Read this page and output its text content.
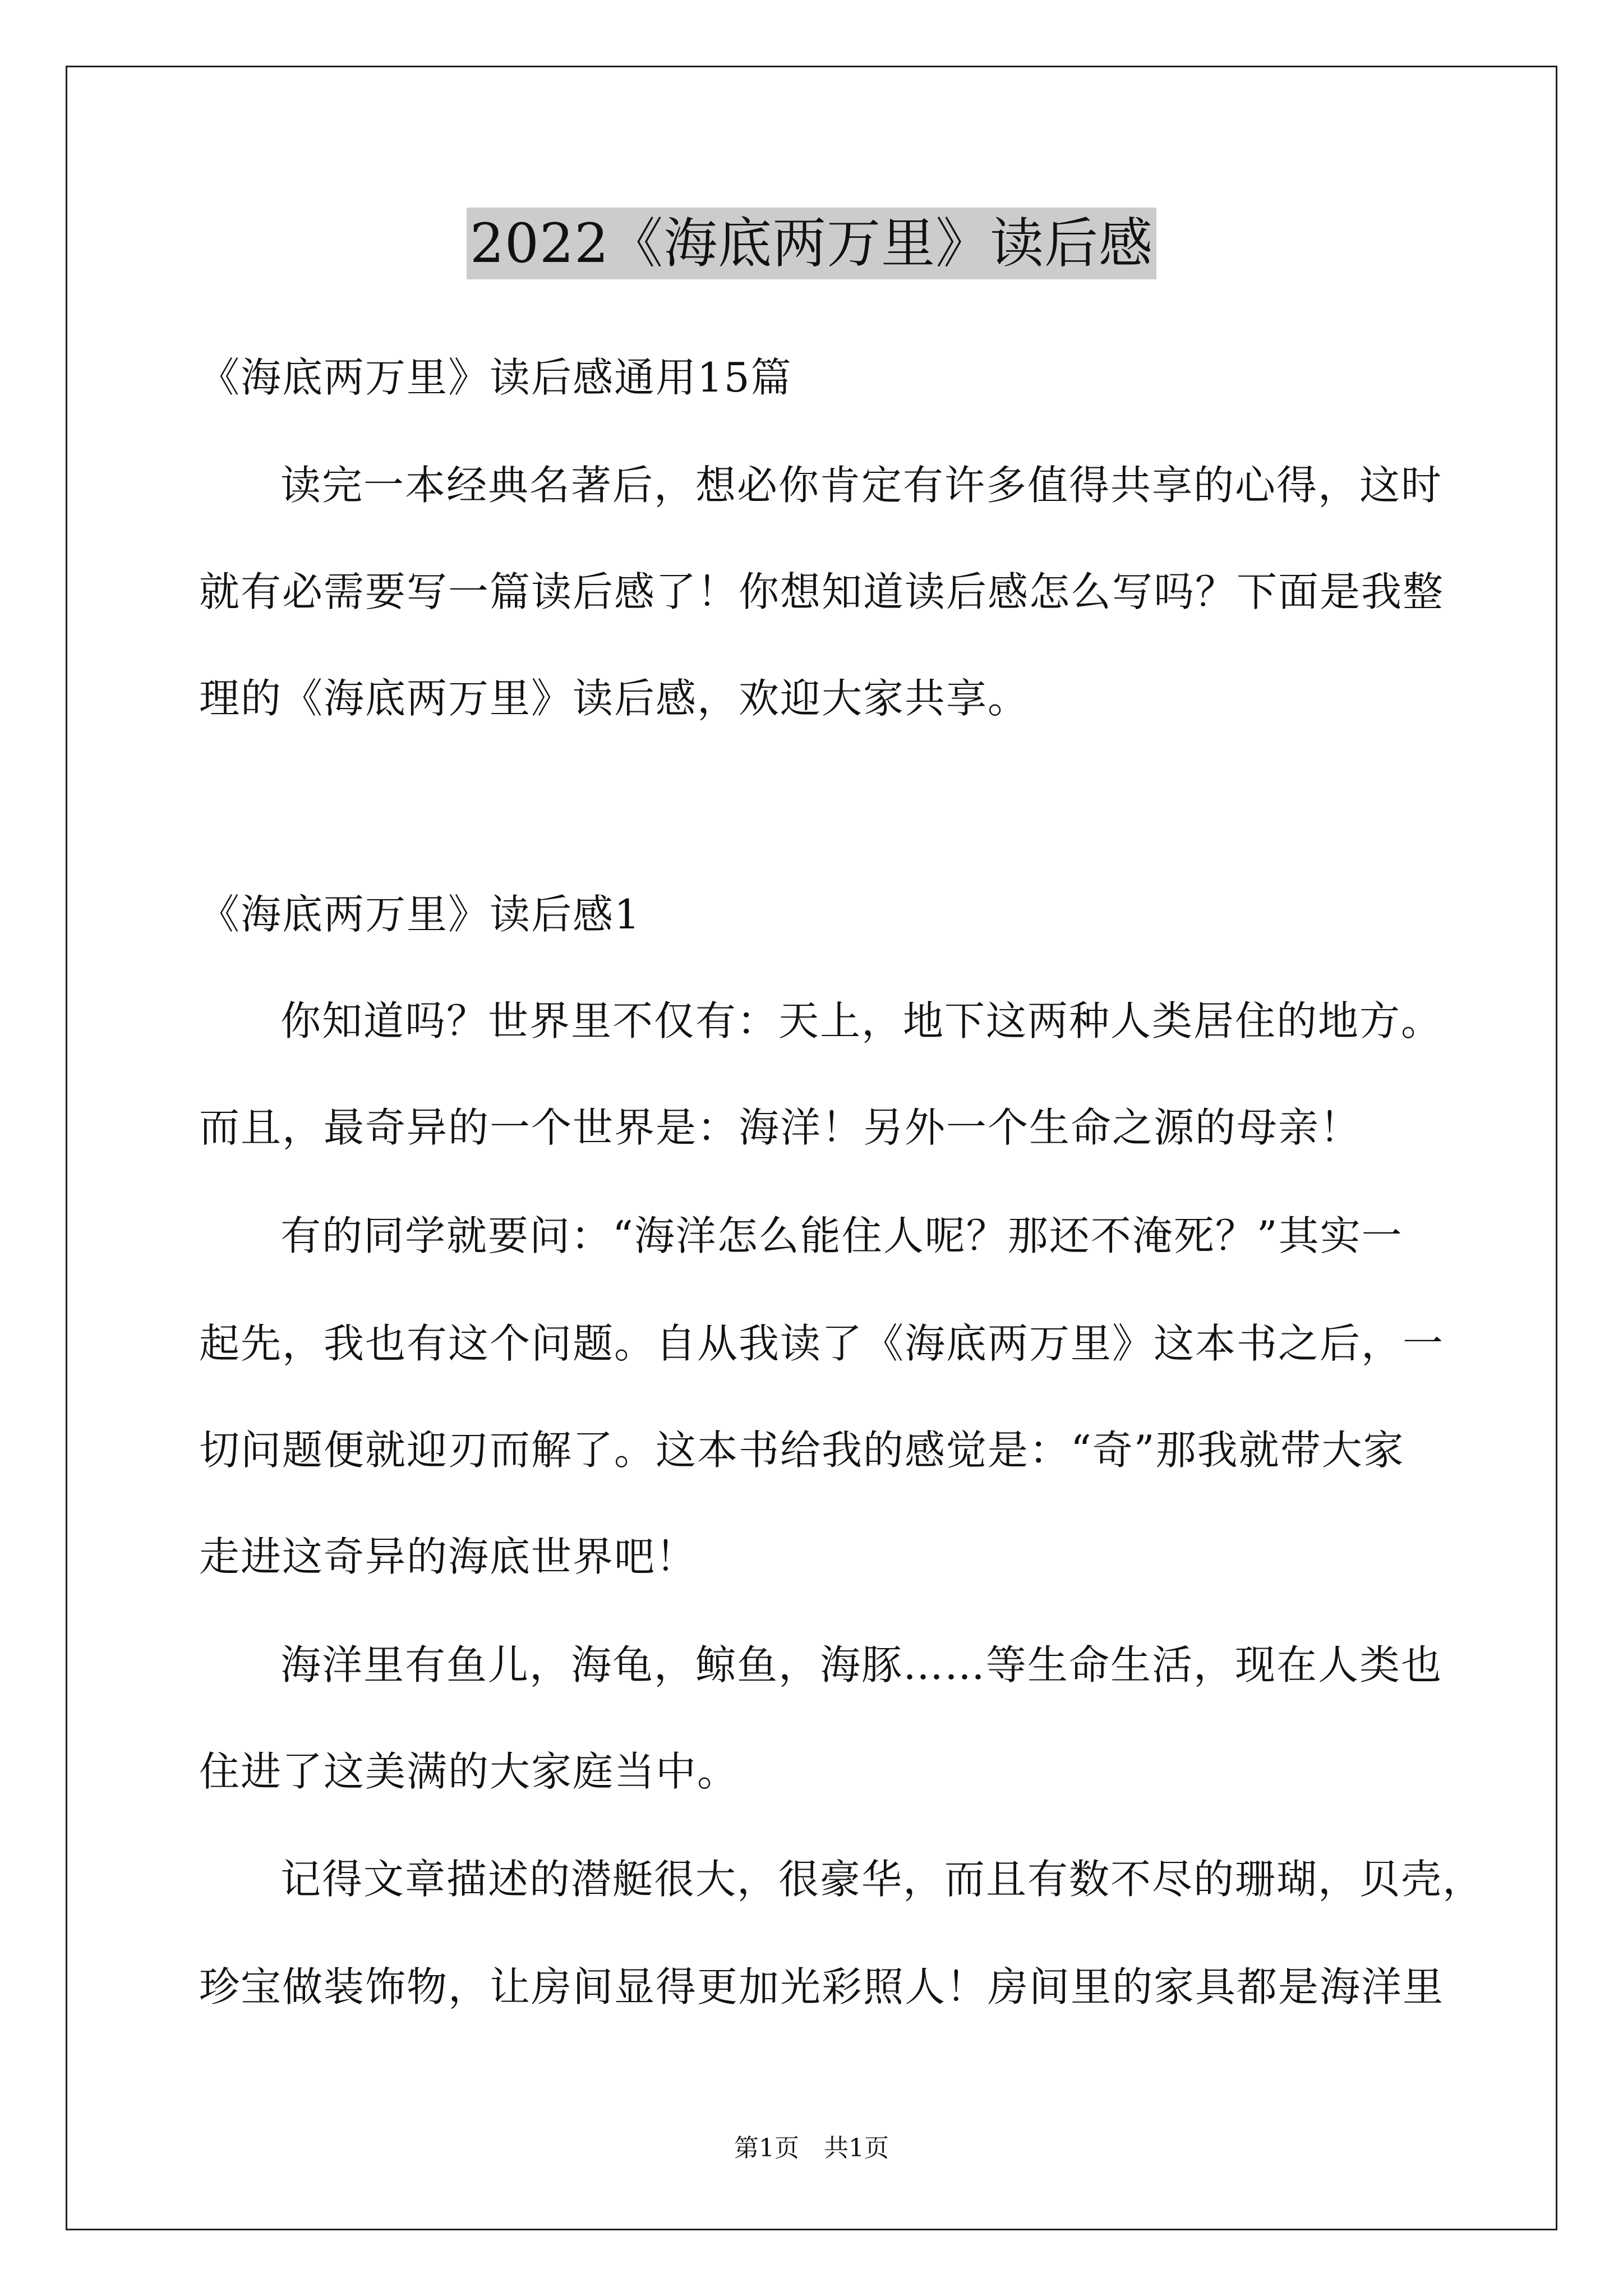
2022《海底两万里》读后感
《海底两万里》读后感通用15篇
读完一本经典名著后，想必你肯定有许多值得共享的心得，这时
就有必需要写一篇读后感了！你想知道读后感怎么写吗？下面是我整
理的《海底两万里》读后感，欢迎大家共享。
《海底两万里》读后感1
你知道吗？世界里不仅有：天上，地下这两种人类居住的地方。
而且，最奇异的一个世界是：海洋！另外一个生命之源的母亲！
有的同学就要问：“海洋怎么能住人呢？那还不淹死？”其实一
起先，我也有这个问题。自从我读了《海底两万里》这本书之后，一
切问题便就迎刃而解了。这本书给我的感觉是：“奇”那我就带大家
走进这奇异的海底世界吧！
海洋里有鱼儿，海龟，鲸鱼，海豚……等生命生活，现在人类也
住进了这美满的大家庭当中。
记得文章描述的潜艇很大，很豪华，而且有数不尽的珊瑚，贝壳，
珍宝做装饰物，让房间显得更加光彩照人！房间里的家具都是海洋里
第1页 共1页
